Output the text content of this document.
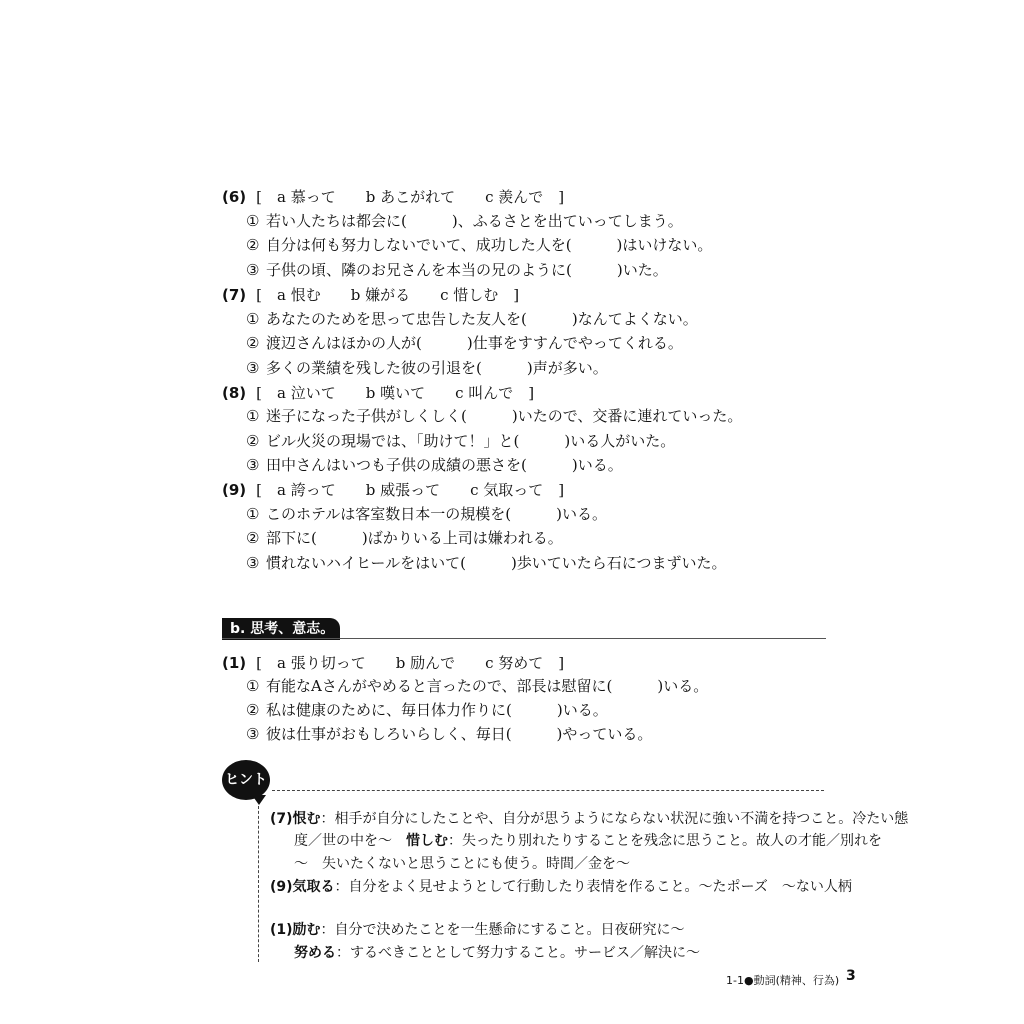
(6) [　a 慕って　　b あこがれて　　c 羨んで　]
① 若い人たちは都会に(　　　)、ふるさとを出ていってしまう。
② 自分は何も努力しないでいて、成功した人を(　　　)はいけない。
③ 子供の頃、隣のお兄さんを本当の兄のように(　　　)いた。
(7) [　a 恨む　　b 嫌がる　　c 惜しむ　]
① あなたのためを思って忠告した友人を(　　　)なんてよくない。
② 渡辺さんはほかの人が(　　　)仕事をすすんでやってくれる。
③ 多くの業績を残した彼の引退を(　　　)声が多い。
(8) [　a 泣いて　　b 嘆いて　　c 叫んで　]
① 迷子になった子供がしくしく(　　　)いたので、交番に連れていった。
② ビル火災の現場では、「助けて！」と(　　　)いる人がいた。
③ 田中さんはいつも子供の成績の悪さを(　　　)いる。
(9) [　a 誇って　　b 威張って　　c 気取って　]
① このホテルは客室数日本一の規模を(　　　)いる。
② 部下に(　　　)ばかりいる上司は嫌われる。
③ 慣れないハイヒールをはいて(　　　)歩いていたら石につまずいた。
b. 思考、意志。
(1) [　a 張り切って　　b 励んで　　c 努めて　]
① 有能なAさんがやめると言ったので、部長は慰留に(　　　)いる。
② 私は健康のために、毎日体力作りに(　　　)いる。
③ 彼は仕事がおもしろいらしく、毎日(　　　)やっている。
ヒント
(7)恨む：相手が自分にしたことや、自分が思うようにならない状況に強い不満を持つこと。冷たい態
度／世の中を～　惜しむ：失ったり別れたりすることを残念に思うこと。故人の才能／別れを
～　失いたくないと思うことにも使う。時間／金を～
(9)気取る：自分をよく見せようとして行動したり表情を作ること。～たポーズ　～ない人柄
(1)励む：自分で決めたことを一生懸命にすること。日夜研究に～
努める：するべきこととして努力すること。サービス／解決に～
1-1●動詞(精神、行為) 3
